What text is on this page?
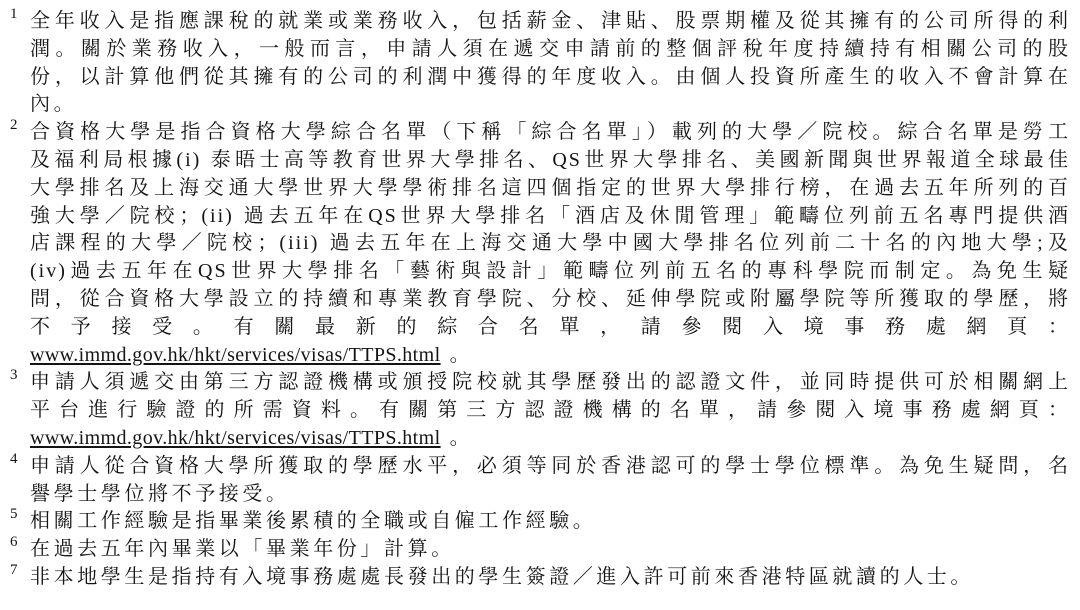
1 全年收入是指應課稅的就業或業務收入，包括薪金、津貼、股票期權及從其擁有的公司所得的利
潤。關於業務收入，一般而言，申請人須在遞交申請前的整個評稅年度持續持有相關公司的股
份，以計算他們從其擁有的公司的利潤中獲得的年度收入。由個人投資所產生的收入不會計算在
內。
2 合資格大學是指合資格大學綜合名單（下稱「綜合名單」）載列的大學／院校。綜合名單是勞工
及福利局根據(i) 泰晤士高等教育世界大學排名、QS世界大學排名、美國新聞與世界報道全球最佳
大學排名及上海交通大學世界大學學術排名這四個指定的世界大學排行榜，在過去五年所列的百
強大學／院校；(ii) 過去五年在QS世界大學排名「酒店及休閒管理」範疇位列前五名專門提供酒
店課程的大學／院校；(iii) 過去五年在上海交通大學中國大學排名位列前二十名的內地大學;及
(iv)過去五年在QS世界大學排名「藝術與設計」範疇位列前五名的專科學院而制定。為免生疑
問，從合資格大學設立的持續和專業教育學院、分校、延伸學院或附屬學院等所獲取的學歷，將
不予接受。有關最新的綜合名單，請參閱入境事務處網頁：
www.immd.gov.hk/hkt/services/visas/TTPS.html 。
3 申請人須遞交由第三方認證機構或頒授院校就其學歷發出的認證文件，並同時提供可於相關網上
平台進行驗證的所需資料。有關第三方認證機構的名單，請參閱入境事務處網頁：
www.immd.gov.hk/hkt/services/visas/TTPS.html 。
4 申請人從合資格大學所獲取的學歷水平，必須等同於香港認可的學士學位標準。為免生疑問，名
譽學士學位將不予接受。
5 相關工作經驗是指畢業後累積的全職或自僱工作經驗。
6 在過去五年內畢業以「畢業年份」計算。
7 非本地學生是指持有入境事務處處長發出的學生簽證／進入許可前來香港特區就讀的人士。
